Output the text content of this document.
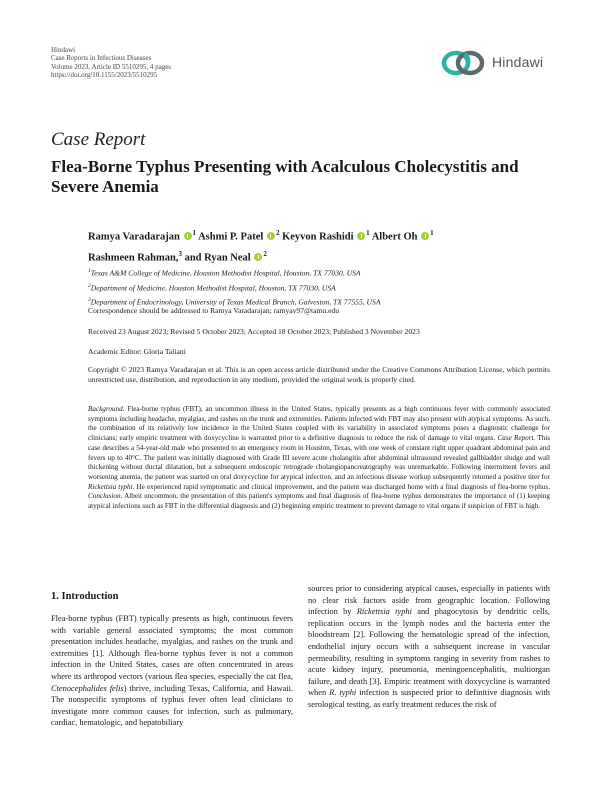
Hindawi
Case Reports in Infectious Diseases
Volume 2023, Article ID 5510295, 4 pages
https://doi.org/10.1155/2023/5510295
Hindawi
Case Report
Flea-Borne Typhus Presenting with Acalculous Cholecystitis and Severe Anemia
Ramya Varadarajan $^1$ Ashmi P. Patel $^2$ Keyvon Rashidi $^1$ Albert Oh $^1$
Rashmeen Rahman,$^3$ and Ryan Neal $^2$
$^1$Texas A&M College of Medicine, Houston Methodist Hospital, Houston, TX 77030, USA
$^2$Department of Medicine, Houston Methodist Hospital, Houston, TX 77030, USA
$^3$Department of Endocrinology, University of Texas Medical Branch, Galveston, TX 77555, USA
Correspondence should be addressed to Ramya Varadarajan; ramyav97@tamu.edu
Received 23 August 2023; Revised 5 October 2023; Accepted 18 October 2023; Published 3 November 2023
Academic Editor: Gloria Taliani
Copyright © 2023 Ramya Varadarajan et al. This is an open access article distributed under the Creative Commons Attribution License, which permits unrestricted use, distribution, and reproduction in any medium, provided the original work is properly cited.
Background. Flea-borne typhus (FBT), an uncommon illness in the United States, typically presents as a high continuous fever with commonly associated symptoms including headache, myalgias, and rashes on the trunk and extremities. Patients infected with FBT may also present with atypical symptoms. As such, the combination of its relatively low incidence in the United States coupled with its variability in associated symptoms poses a diagnostic challenge for clinicians; early empiric treatment with doxycycline is warranted prior to a definitive diagnosis to reduce the risk of damage to vital organs. Case Report. This case describes a 54-year-old male who presented to an emergency room in Houston, Texas, with one week of constant right upper quadrant abdominal pain and fevers up to 40°C. The patient was initially diagnosed with Grade III severe acute cholangitis after abdominal ultrasound revealed gallbladder sludge and wall thickening without ductal dilatation, but a subsequent endoscopic retrograde cholangiopancreatography was unremarkable. Following intermittent fevers and worsening anemia, the patient was started on oral doxycycline for atypical infection, and an infectious disease workup subsequently returned a positive titer for Rickettsia typhi. He experienced rapid symptomatic and clinical improvement, and the patient was discharged home with a final diagnosis of flea-borne typhus. Conclusion. Albeit uncommon, the presentation of this patient's symptoms and final diagnosis of flea-borne typhus demonstrates the importance of (1) keeping atypical infections such as FBT in the differential diagnosis and (2) beginning empiric treatment to prevent damage to vital organs if suspicion of FBT is high.
1. Introduction
Flea-borne typhus (FBT) typically presents as high, continuous fevers with variable general associated symptoms; the most common presentation includes headache, myalgias, and rashes on the trunk and extremities [1]. Although flea-borne typhus fever is not a common infection in the United States, cases are often concentrated in areas where its arthropod vectors (various flea species, especially the cat flea, Ctenocephalides felis) thrive, including Texas, California, and Hawaii. The nonspecific symptoms of typhus fever often lead clinicians to investigate more common causes for infection, such as pulmonary, cardiac, hematologic, and hepatobiliary
sources prior to considering atypical causes, especially in patients with no clear risk factors aside from geographic location. Following infection by Rickettsia typhi and phagocytosis by dendritic cells, replication occurs in the lymph nodes and the bacteria enter the bloodstream [2]. Following the hematologic spread of the infection, endothelial injury occurs with a subsequent increase in vascular permeability, resulting in symptoms ranging in severity from rashes to acute kidney injury, pneumonia, meningoencephalitis, multiorgan failure, and death [3]. Empiric treatment with doxycycline is warranted when R. typhi infection is suspected prior to definitive diagnosis with serological testing, as early treatment reduces the risk of
